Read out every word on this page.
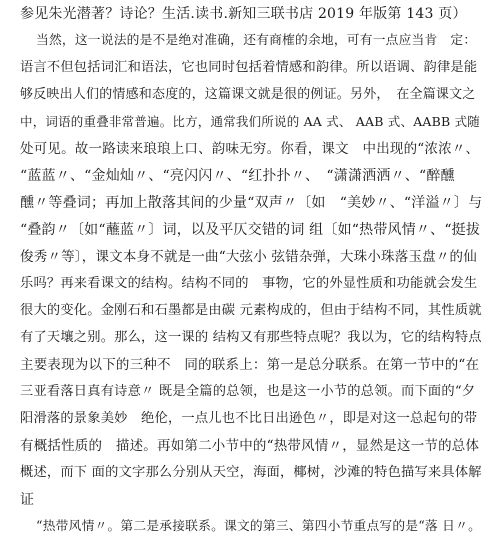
参见朱光潜著？诗论？生活.读书.新知三联书店 2019 年版第 143 页）
当然，这一说法的是不是绝对准确，还有商榷的余地，可有一点应当肯　定：
语言不但包括词汇和语法，它也同时包括着情感和韵律。所以语调、韵律是能
够反映出人们的情感和态度的，这篇课文就是很的例证。另外，　在全篇课文之
中，词语的重叠非常普遍。比方，通常我们所说的 AA 式、 AAB 式、AABB 式随
处可见。故一路读来琅琅上口、韵味无穷。你看，课文　中出现的“浓浓〃、
“蓝蓝〃、“金灿灿〃、“亮闪闪〃、“红扑扑〃、　“潇潇洒洒〃、“醉醺
醺〃等叠词；再加上散落其间的少量“双声〃〔如　“美妙〃、“洋溢〃〕与
“叠韵〃〔如“蘸蓝〃〕词，以及平仄交错的词 组〔如“热带风情〃、“挺拔
俊秀〃等〕，课文本身不就是一曲“大弦小 弦错杂弹，大珠小珠落玉盘〃的仙
乐吗？再来看课文的结构。结构不同的　事物，它的外显性质和功能就会发生
很大的变化。金刚石和石墨都是由碳 元素构成的，但由于结构不同，其性质就
有了天壤之别。那么，这一课的 结构又有那些特点呢？我以为，它的结构特点
主要表现为以下的三种不　同的联系上：第一是总分联系。在第一节中的“在
三亚看落日真有诗意〃 既是全篇的总领，也是这一小节的总领。而下面的“夕
阳滑落的景象美妙　绝伦，一点儿也不比日出逊色〃，即是对这一总起句的带
有概括性质的　描述。再如第二小节中的“热带风情〃，显然是这一节的总体
概述，而下 面的文字那么分别从天空，海面，椰树，沙滩的特色描写来具体解
证
“热带风情〃。第二是承接联系。课文的第三、第四小节重点写的是“落 日〃。
